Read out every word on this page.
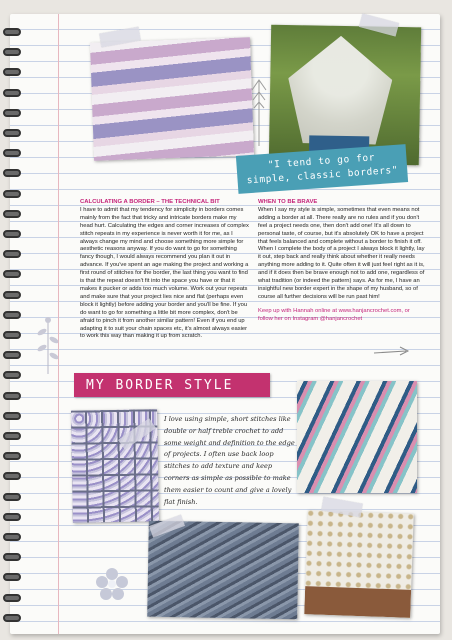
"I tend to go for simple, classic borders"
CALCULATING A BORDER – THE TECHNICAL BIT

I have to admit that my tendency for simplicity in borders comes mainly from the fact that tricky and intricate borders make my head hurt. Calculating the edges and corner increases of complex stitch repeats in my experience is never worth it for me, as I always change my mind and choose something more simple for aesthetic reasons anyway. If you do want to go for something fancy though, I would always recommend you plan it out in advance. If you've spent an age making the project and working a first round of stitches for the border, the last thing you want to find is that the repeat doesn't fit into the space you have or that it makes it pucker or adds too much volume. Work out your repeats and make sure that your project lies nice and flat (perhaps even block it lightly) before adding your border and you'll be fine. If you do want to go for something a little bit more complex, don't be afraid to pinch it from another similar pattern! Even if you end up adapting it to suit your chain spaces etc, it's almost always easier to work this way than making it up from scratch.

WHEN TO BE BRAVE

When I say my style is simple, sometimes that even means not adding a border at all. There really are no rules and if you don't feel a project needs one, then don't add one! It's all down to personal taste, of course, but it's absolutely OK to have a project that feels balanced and complete without a border to finish it off. When I complete the body of a project I always block it lightly, lay it out, step back and really think about whether it really needs anything more adding to it. Quite often it will just feel right as it is, and if it does then be brave enough not to add one, regardless of what tradition (or indeed the pattern) says. As for me, I have an insightful new border expert in the shape of my husband, so of course all further decisions will be run past him!

Keep up with Hannah online at www.hanjancrochet.com, or follow her on Instagram @hanjancrochet

MY BORDER STYLE
I love using simple, short stitches like double or half treble crochet to add some weight and definition to the edge of projects. I often use back loop stitches to add texture and keep corners as simple as possible to make them easier to count and give a lovely flat finish.
